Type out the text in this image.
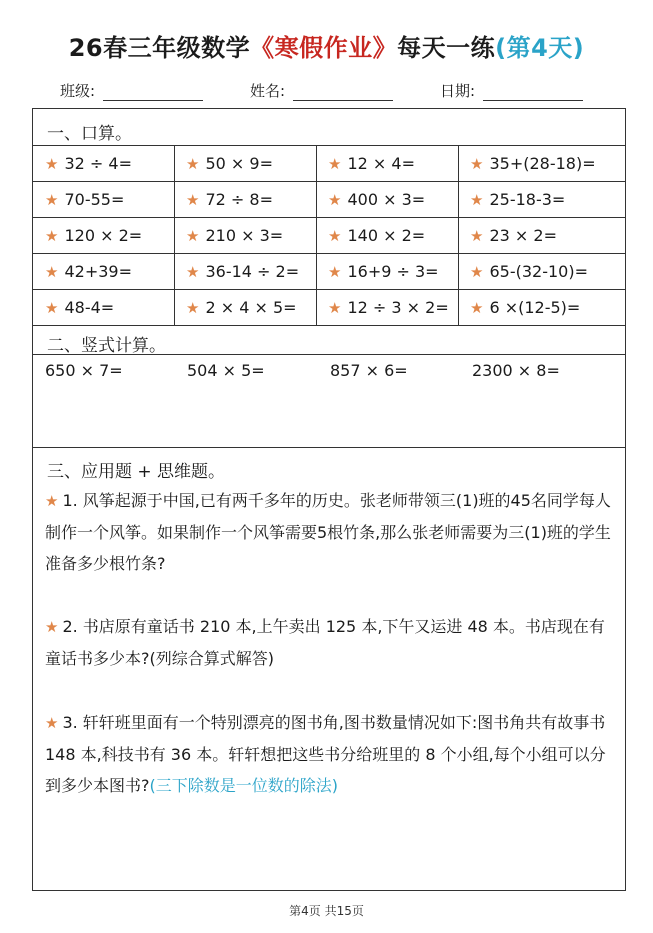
26春三年级数学《寒假作业》每天一练(第4天)
班级:	姓名:	日期:
一、口算。
★ 32 ÷ 4=	★ 50 × 9=	★ 12 × 4=	★ 35+(28-18)=
★ 70-55=	★ 72 ÷ 8=	★ 400 × 3=	★ 25-18-3=
★ 120 × 2=	★ 210 × 3=	★ 140 × 2=	★ 23 × 2=
★ 42+39=	★ 36-14 ÷ 2= ★ 16+9 ÷ 3= ★ 65-(32-10)=
★ 48-4=	★ 2 × 4 × 5= ★ 12 ÷ 3 × 2= ★ 6 ×(12-5)=
二、竖式计算。
650 × 7=	504 × 5=	857 × 6=	2300 × 8=
三、应用题 + 思维题。
★ 1. 风筝起源于中国,已有两千多年的历史。张老师带领三(1)班的45名同学每人制作一个风筝。如果制作一个风筝需要5根竹条,那么张老师需要为三(1)班的学生准备多少根竹条?
★ 2. 书店原有童话书 210 本,上午卖出 125 本,下午又运进 48 本。书店现在有童话书多少本?(列综合算式解答)
★ 3. 轩轩班里面有一个特别漂亮的图书角,图书数量情况如下:图书角共有故事书 148 本,科技书有 36 本。轩轩想把这些书分给班里的 8 个小组,每个小组可以分到多少本图书?(三下除数是一位数的除法)
第4页 共15页
